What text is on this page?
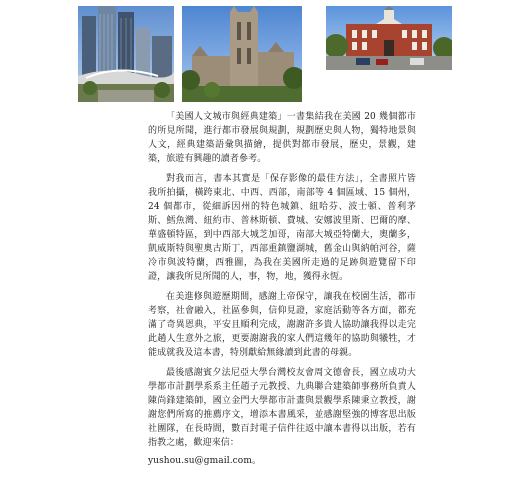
「美國人文城市與經典建築」一書集結我在美國 20 幾個都市的所見所聞，進行都市發展與規劃，規劃歷史與人物，獨特地景與人文，經典建築語彙與描繪，提供對都市發展，歷史，景觀，建築，旅遊有興趣的讀者參考。

對我而言，書本其實是「保存影像的最佳方法」，全書照片皆我所拍攝，橫跨東北、中西、西部，南部等 4 個區域、15 個州，24 個都市，從細訴因州的特色城鎮、紐哈芬、波士頓、普利茅斯、鱈魚灣、紐約市、普林斯頓、費城、安娜波里斯、巴爾的摩、華盛頓特區，到中西部大城芝加哥，南部大城亞特蘭大，奧蘭多，凱威斯特與聖奧古斯丁，西部重鎮鹽湖城，舊金山與納帕河谷，薩冷市與波特蘭，西雅圖，為我在美國所走過的足跡與遊覽留下印證，讓我所見所聞的人，事，物，地，獲得永恆。

在美進修與遊歷期間，感謝上帝保守，讓我在校園生活，都市考察，社會融入，社區參與，信仰見證，家庭活動等各方面，都充滿了奇異恩典，平安且順利完成，謝謝許多貴人協助讓我得以走完此趟人生意外之旅，更要謝謝我的家人們這幾年的協助與犧牲，才能成就我及這本書，特別獻給無緣讀到此書的母親。

最後感謝賓夕法尼亞大學台灣校友會周文德會長，國立成功大學都市計劃學系系主任趙子元教授、九典聯合建築師事務所負責人陳尚鋒建築師，國立金門大學都市計畫與景觀學系陳秉立教授，謝謝您們所寫的推薦序文，增添本書風采，並感謝堅強的博客思出版社團隊，在長時間，數百封電子信件往返中讓本書得以出版，若有指教之處，歡迎來信：

yushou.su@gmail.com。
